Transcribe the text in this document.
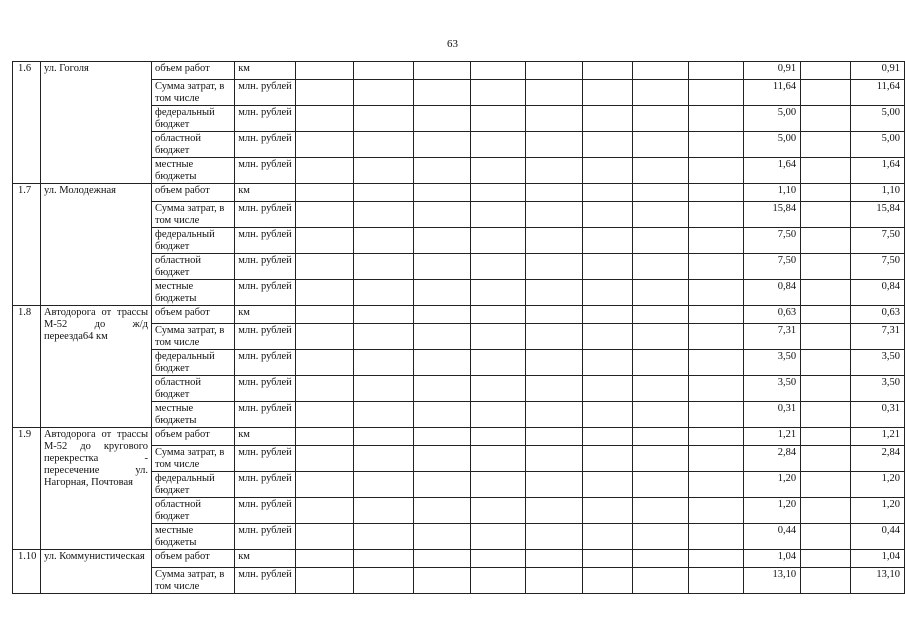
63
1.6	ул. Гоголя	объем работ	км									0,91		0,91
		Сумма затрат, в том числе	млн. рублей									11,64		11,64
		федеральный бюджет	млн. рублей									5,00		5,00
		областной бюджет	млн. рублей									5,00		5,00
		местные бюджеты	млн. рублей									1,64		1,64
1.7	ул. Молодежная	объем работ	км									1,10		1,10
		Сумма затрат, в том числе	млн. рублей									15,84		15,84
		федеральный бюджет	млн. рублей									7,50		7,50
		областной бюджет	млн. рублей									7,50		7,50
		местные бюджеты	млн. рублей									0,84		0,84
1.8	Автодорога от трассы М-52 до ж/д переезда64 км	объем работ	км									0,63		0,63
		Сумма затрат, в том числе	млн. рублей									7,31		7,31
		федеральный бюджет	млн. рублей									3,50		3,50
		областной бюджет	млн. рублей									3,50		3,50
		местные бюджеты	млн. рублей									0,31		0,31
1.9	Автодорога от трассы М-52 до кругового перекрестка - пересечение ул. Нагорная, Почтовая	объем работ	км									1,21		1,21
		Сумма затрат, в том числе	млн. рублей									2,84		2,84
		федеральный бюджет	млн. рублей									1,20		1,20
		областной бюджет	млн. рублей									1,20		1,20
		местные бюджеты	млн. рублей									0,44		0,44
1.10	ул. Коммунистическая	объем работ	км									1,04		1,04
		Сумма затрат, в том числе	млн. рублей									13,10		13,10
